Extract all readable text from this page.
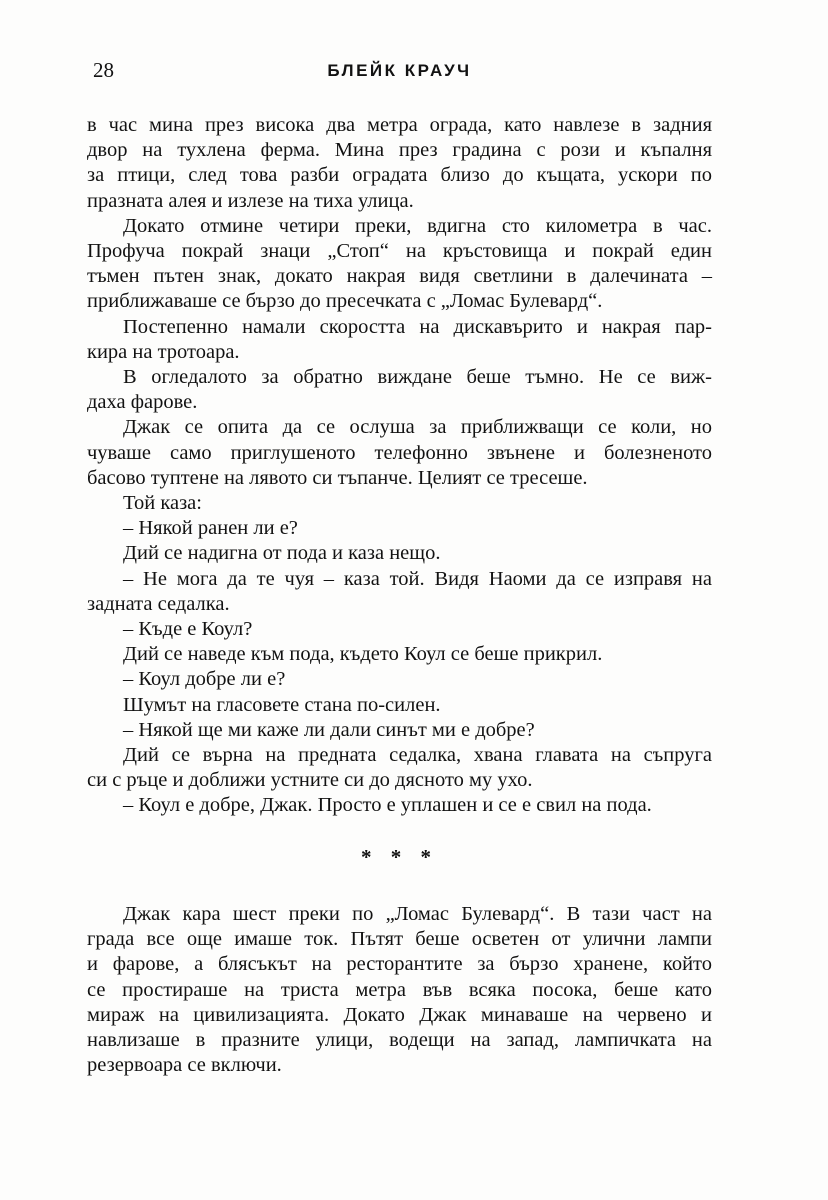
28	БЛЕЙК КРАУЧ
в час мина през висока два метра ограда, като навлезе в задния
двор на тухлена ферма. Мина през градина с рози и къпалня
за птици, след това разби оградата близо до къщата, ускори по
празната алея и излезе на тиха улица.
Докато отмине четири преки, вдигна сто километра в час.
Профуча покрай знаци „Стоп“ на кръстовища и покрай един
тъмен пътен знак, докато накрая видя светлини в далечината –
приближаваше се бързо до пресечката с „Ломас Булевард“.
Постепенно намали скоростта на дискавърито и накрая пар-
кира на тротоара.
В огледалото за обратно виждане беше тъмно. Не се виж-
даха фарове.
Джак се опита да се ослуша за приближващи се коли, но
чуваше само приглушеното телефонно звънене и болезненото
басово туптене на лявото си тъпанче. Целият се тресеше.
Той каза:
– Някой ранен ли е?
Дий се надигна от пода и каза нещо.
– Не мога да те чуя – каза той. Видя Наоми да се изправя на
задната седалка.
– Къде е Коул?
Дий се наведе към пода, където Коул се беше прикрил.
– Коул добре ли е?
Шумът на гласовете стана по-силен.
– Някой ще ми каже ли дали синът ми е добре?
Дий се върна на предната седалка, хвана главата на съпруга
си с ръце и доближи устните си до дясното му ухо.
– Коул е добре, Джак. Просто е уплашен и се е свил на пода.
* * *
Джак кара шест преки по „Ломас Булевард“. В тази част на
града все още имаше ток. Пътят беше осветен от улични лампи
и фарове, а блясъкът на ресторантите за бързо хранене, който
се простираше на триста метра във всяка посока, беше като
мираж на цивилизацията. Докато Джак минаваше на червено и
навлизаше в празните улици, водещи на запад, лампичката на
резервоара се включи.
